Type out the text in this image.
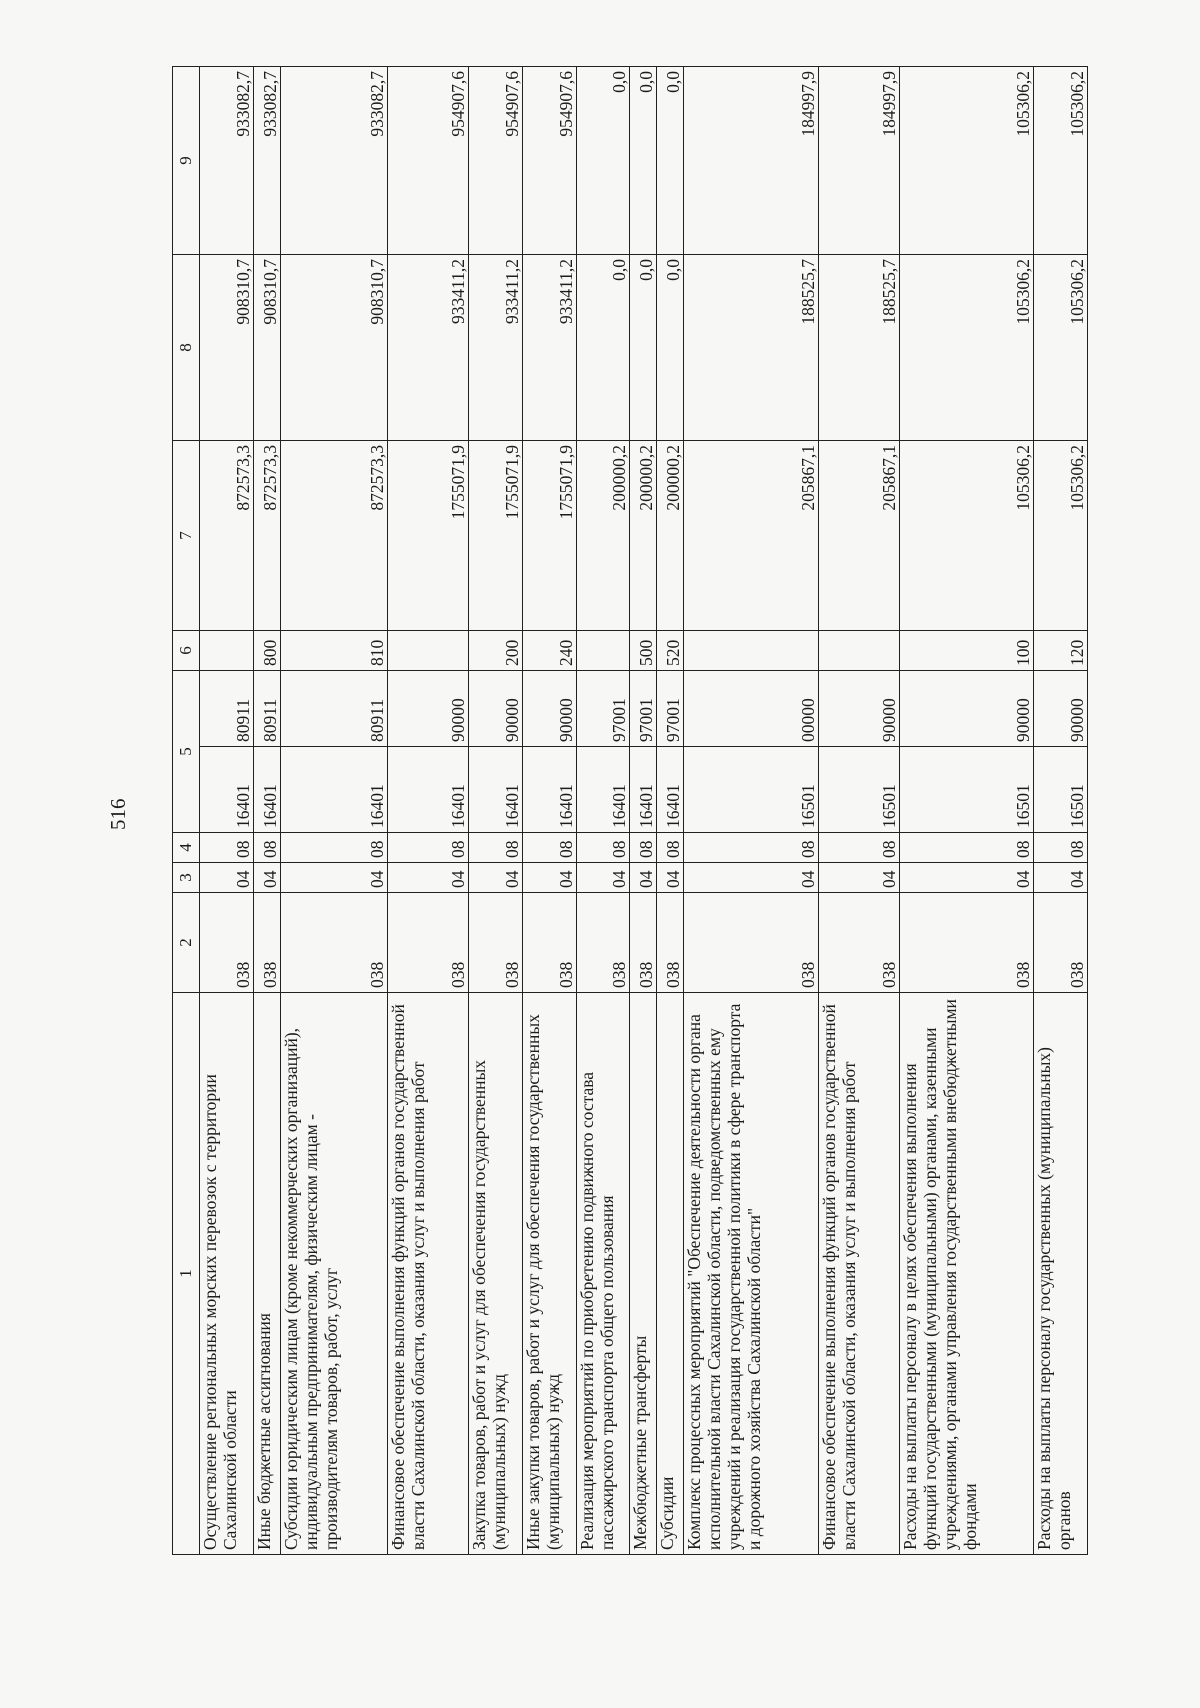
516
1	2	3	4	5		6	7	8	9
Осуществление региональных морских перевозок с территории Сахалинской области	038	04	08	16401	80911		872573,3	908310,7	933082,7
Иные бюджетные ассигнования	038	04	08	16401	80911	800	872573,3	908310,7	933082,7
Субсидии юридическим лицам (кроме некоммерческих организаций), индивидуальным предпринимателям, физическим лицам - производителям товаров, работ, услуг	038	04	08	16401	80911	810	872573,3	908310,7	933082,7
Финансовое обеспечение выполнения функций органов государственной власти Сахалинской области, оказания услуг и выполнения работ	038	04	08	16401	90000		1755071,9	933411,2	954907,6
Закупка товаров, работ и услуг для обеспечения государственных (муниципальных) нужд	038	04	08	16401	90000	200	1755071,9	933411,2	954907,6
Иные закупки товаров, работ и услуг для обеспечения государственных (муниципальных) нужд	038	04	08	16401	90000	240	1755071,9	933411,2	954907,6
Реализация мероприятий по приобретению подвижного состава пассажирского транспорта общего пользования	038	04	08	16401	97001		200000,2	0,0	0,0
Межбюджетные трансферты	038	04	08	16401	97001	500	200000,2	0,0	0,0
Субсидии	038	04	08	16401	97001	520	200000,2	0,0	0,0
Комплекс процессных мероприятий "Обеспечение деятельности органа исполнительной власти Сахалинской области, подведомственных ему учреждений и реализация государственной политики в сфере транспорта и дорожного хозяйства Сахалинской области"	038	04	08	16501	00000		205867,1	188525,7	184997,9
Финансовое обеспечение выполнения функций органов государственной власти Сахалинской области, оказания услуг и выполнения работ	038	04	08	16501	90000		205867,1	188525,7	184997,9
Расходы на выплаты персоналу в целях обеспечения выполнения функций государственными (муниципальными) органами, казенными учреждениями, органами управления государственными внебюджетными фондами	038	04	08	16501	90000	100	105306,2	105306,2	105306,2
Расходы на выплаты персоналу государственных (муниципальных) органов	038	04	08	16501	90000	120	105306,2	105306,2	105306,2
